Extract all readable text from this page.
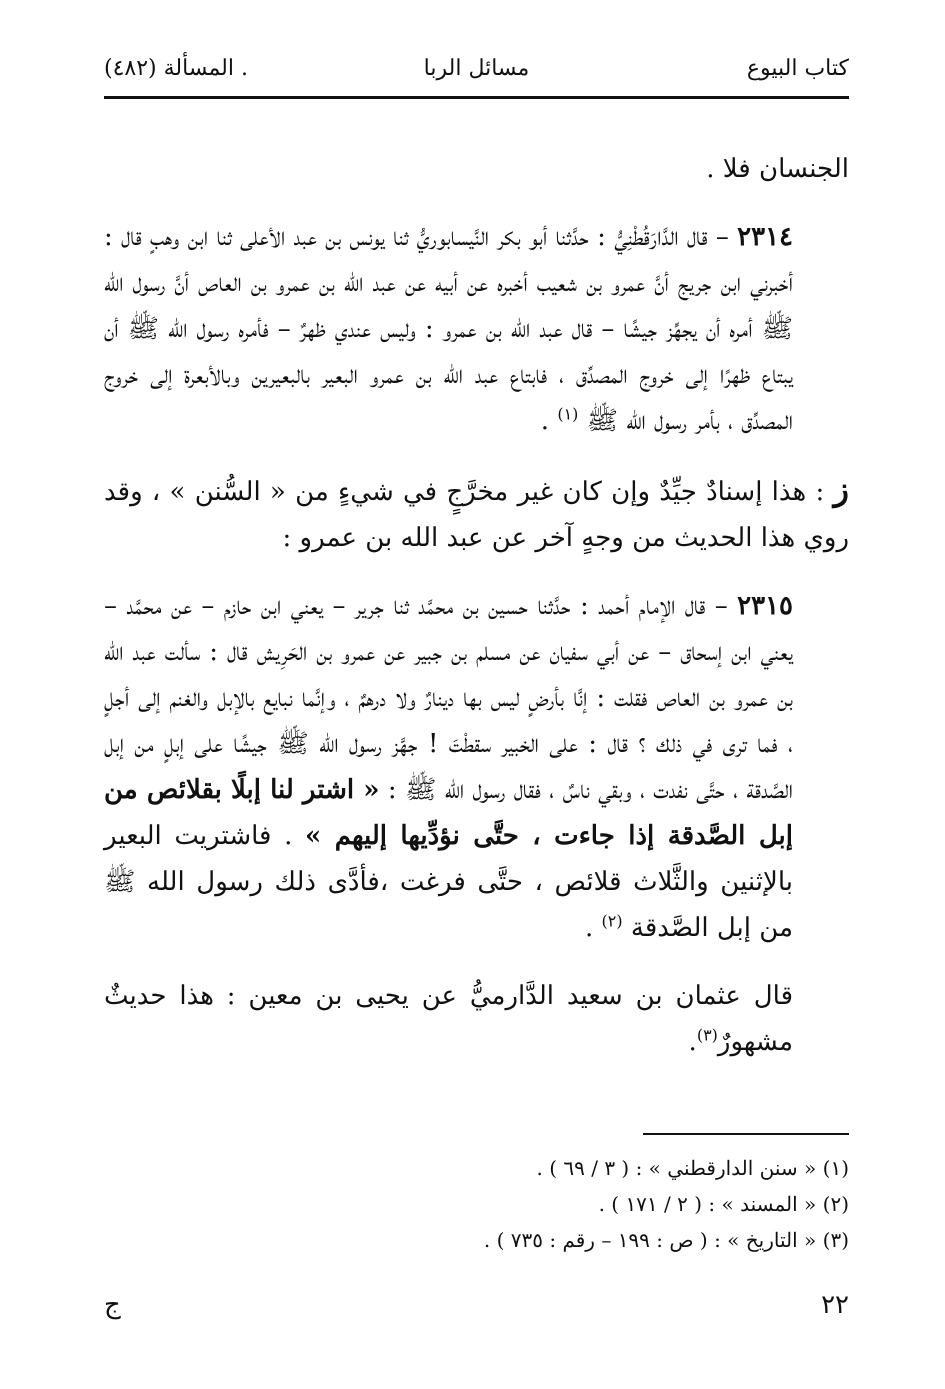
كتاب البيوع
مسائل الربا
. المسألة (٤٨٢)

الجنسان فلا .

٢٣١٤ – قال الدَّارَقُطْنِيُّ : حدَّثنا أبو بكر النَّيسابوريُّ ثنا يونس بن عبد الأعلى ثنا ابن وهبٍ قال : أخبرني ابن جريج أنَّ عمرو بن شعيب أخبره عن أبيه عن عبد الله بن عمرو بن العاص أنَّ رسول الله ﷺ أمره أن يجهِّز جيشًا – قال عبد الله بن عمرو : وليس عندي ظهرٌ – فأمره رسول الله ﷺ أن يبتاع ظهرًا إلى خروج المصدِّق ، فابتاع عبد الله بن عمرو البعير بالبعيرين وبالأبعرة إلى خروج المصدِّق ، بأمر رسول الله ﷺ $^{(١)}$ .

ز : هذا إسنادٌ جيِّدٌ وإن كان غير مخرَّجٍ في شيءٍ من « السُّنن » ، وقد روي هذا الحديث من وجهٍ آخر عن عبد الله بن عمرو :

٢٣١٥ – قال الإمام أحمد : حدَّثنا حسين بن محمَّد ثنا جرير – يعني ابن حازم – عن محمَّد – يعني ابن إسحاق – عن أبي سفيان عن مسلم بن جبير عن عمرو بن الحَرِيش قال : سألت عبد الله بن عمرو بن العاص فقلت : إنَّا بأرضٍ ليس بها دينارٌ ولا درهمٌ ، وإنَّما نبايع بالإبل والغنم إلى أجلٍ ، فما ترى في ذلك ؟ قال : على الخبير سقطْتَ ! جهَّز رسول الله ﷺ جيشًا على إبلٍ من إبل الصَّدقة ، حتَّى نفدت ، وبقي ناسٌ ، فقال رسول الله ﷺ : « اشتر لنا إبلًا بقلائص من إبل الصَّدقة إذا جاءت ، حتَّى نؤدِّيها إليهم » . فاشتريت البعير بالإثنين والثَّلاث قلائص ، حتَّى فرغت ،فأدَّى ذلك رسول الله ﷺ من إبل الصَّدقة $^{(٢)}$ .

قال عثمان بن سعيد الدَّارميُّ عن يحيى بن معين : هذا حديثٌ مشهورٌ$^{(٣)}$.

(١) « سنن الدارقطني » : ( ٣ / ٦٩ ) .
(٢) « المسند » : ( ٢ / ١٧١ ) .
(٣) « التاريخ » : ( ص : ١٩٩ – رقم : ٧٣٥ ) .
٢٢
ج
